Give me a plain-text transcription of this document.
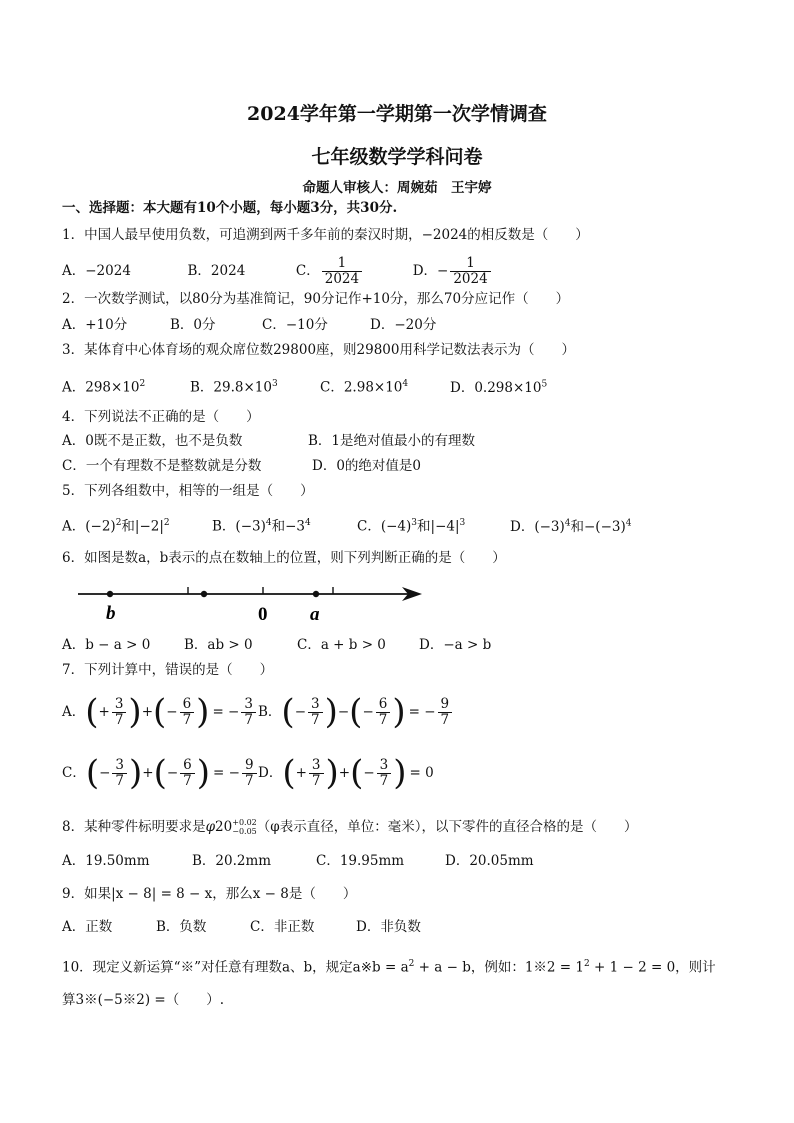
2024学年第一学期第一次学情调查
七年级数学学科问卷
命题人审核人：周婉茹　王宇婷
一、选择题：本大题有10个小题，每小题3分，共30分.
1．中国人最早使用负数，可追溯到两千多年前的秦汉时期，−2024的相反数是（　　）
A．−2024	B．2024	C． $\frac{1}{2024}$	D．− $\frac{1}{2024}$
2．一次数学测试，以80分为基准简记，90分记作+10分，那么70分应记作（　　）
A．+10分	B．0分	C．−10分	D．−20分
3．某体育中心体育场的观众席位数29800座，则29800用科学记数法表示为（　　）
A．$298\times 10^2$	B．$29.8\times 10^3$	C．$2.98\times 10^4$	D．$0.298\times 10^5$
4．下列说法不正确的是（　　）
A．0既不是正数，也不是负数	B．1是绝对值最小的有理数
C．一个有理数不是整数就是分数	D．0的绝对值是0
5．下列各组数中，相等的一组是（　　）
A．$(-2)^2$和$|-2|^2$	B．$(-3)^4$和$-3^4$	C．$(-4)^3$和$|-4|^3$	D．$(-3)^4$和$-(-3)^4$
6．如图是数a，b表示的点在数轴上的位置，则下列判断正确的是（　　）
b	0 a
A．b − a > 0 B．ab > 0	C．a + b > 0 D．−a > b
7．下列计算中，错误的是（　　）
A． ( + $\frac{3}{7}$ ) + ( − $\frac{6}{7}$ ) = − $\frac{3}{7}$ B． ( − $\frac{3}{7}$ ) − ( − $\frac{6}{7}$ ) = − $\frac{9}{7}$
C． ( − $\frac{3}{7}$ ) + ( − $\frac{6}{7}$ ) = − $\frac{9}{7}$ D． ( + $\frac{3}{7}$ ) + ( − $\frac{3}{7}$ ) = 0
8．某种零件标明要求是 φ 20 +0.02
−0.05 （φ表示直径，单位：毫米），以下零件的直径合格的是（　　）
A．19.50mm	B．20.2mm	C．19.95mm	D．20.05mm
9．如果|x − 8| = 8 − x，那么x − 8是（　　）
A．正数	B．负数	C．非正数	D．非负数
10．现定义新运算“※”对任意有理数a、b，规定a※b = $a^2 + a - b$，例如：1※2 = $1^2 + 1 - 2 = 0$，则计
算3※(−5※2) =（　　）.
